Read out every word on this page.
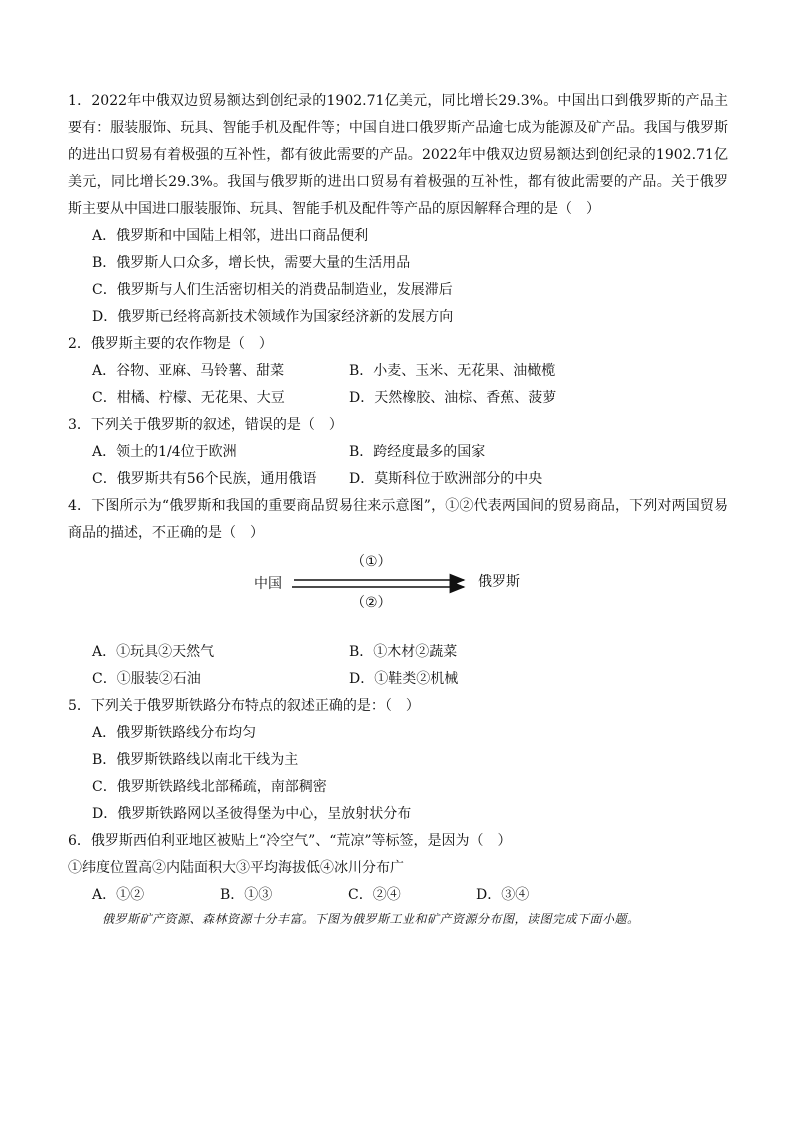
1．2022年中俄双边贸易额达到创纪录的1902.71亿美元，同比增长29.3%。中国出口到俄罗斯的产品主要有：服装服饰、玩具、智能手机及配件等；中国自进口俄罗斯产品逾七成为能源及矿产品。我国与俄罗斯的进出口贸易有着极强的互补性，都有彼此需要的产品。2022年中俄双边贸易额达到创纪录的1902.71亿美元，同比增长29.3%。我国与俄罗斯的进出口贸易有着极强的互补性，都有彼此需要的产品。关于俄罗斯主要从中国进口服装服饰、玩具、智能手机及配件等产品的原因解释合理的是（　）

A．俄罗斯和中国陆上相邻，进出口商品便利
B．俄罗斯人口众多，增长快，需要大量的生活用品
C．俄罗斯与人们生活密切相关的消费品制造业，发展滞后
D．俄罗斯已经将高新技术领域作为国家经济新的发展方向

2．俄罗斯主要的农作物是（　）

A．谷物、亚麻、马铃薯、甜菜	B．小麦、玉米、无花果、油橄榄
C．柑橘、柠檬、无花果、大豆	D．天然橡胶、油棕、香蕉、菠萝

3．下列关于俄罗斯的叙述，错误的是（　）

A．领土的1/4位于欧洲	B．跨经度最多的国家
C．俄罗斯共有56个民族，通用俄语	D．莫斯科位于欧洲部分的中央

4．下图所示为“俄罗斯和我国的重要商品贸易往来示意图”，①②代表两国间的贸易商品，下列对两国贸易商品的描述，不正确的是（　）

中国	俄罗斯
（①）
（②）
A．①玩具②天然气	B．①木材②蔬菜
C．①服装②石油	D．①鞋类②机械

5．下列关于俄罗斯铁路分布特点的叙述正确的是：（　）

A．俄罗斯铁路线分布均匀
B．俄罗斯铁路线以南北干线为主
C．俄罗斯铁路线北部稀疏，南部稠密
D．俄罗斯铁路网以圣彼得堡为中心，呈放射状分布

6．俄罗斯西伯利亚地区被贴上“冷空气”、“荒凉”等标签，是因为（　）

①纬度位置高②内陆面积大③平均海拔低④冰川分布广
A．①②	B．①③	C．②④	D．③④
俄罗斯矿产资源、森林资源十分丰富。下图为俄罗斯工业和矿产资源分布图，读图完成下面小题。
